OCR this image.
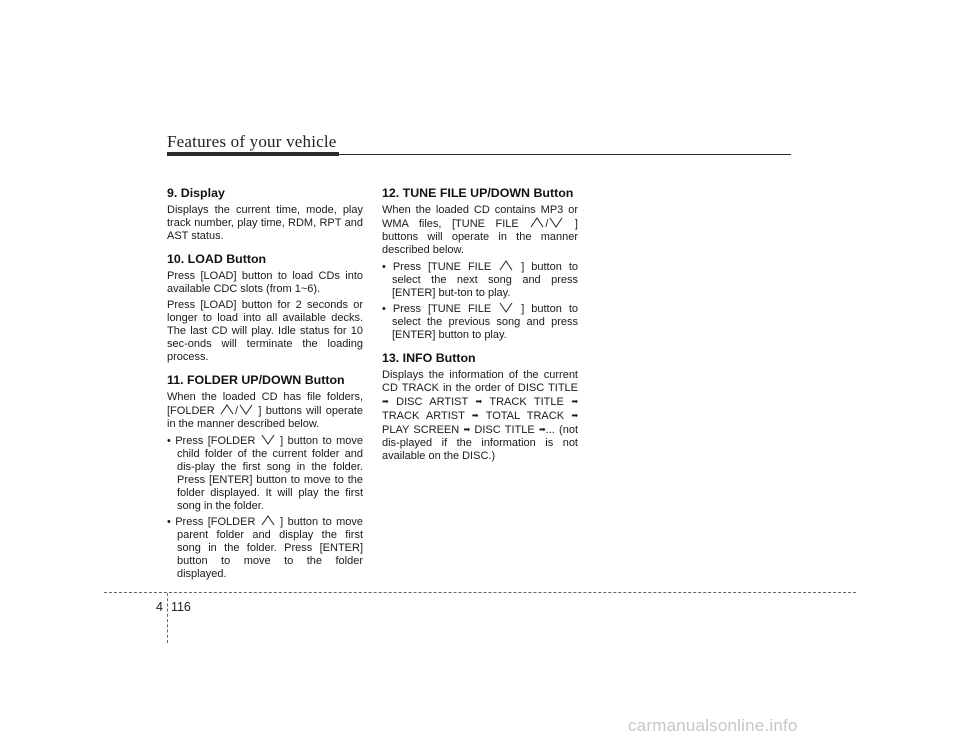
Features of your vehicle
9. Display

Displays the current time, mode, play track number, play time, RDM, RPT and AST status.

10. LOAD Button

Press [LOAD] button to load CDs into available CDC slots (from 1~6).

Press [LOAD] button for 2 seconds or longer to load into all available decks. The last CD will play. Idle status for 10 sec-onds will terminate the loading process.

11. FOLDER UP/DOWN Button

When the loaded CD has file folders, [FOLDER / ] buttons will operate in the manner described below.

• Press [FOLDER ] button to move child folder of the current folder and dis-play the first song in the folder. Press [ENTER] button to move to the folder displayed. It will play the first song in the folder.
• Press [FOLDER ] button to move parent folder and display the first song in the folder. Press [ENTER] button to move to the folder displayed.
12. TUNE FILE UP/DOWN Button

When the loaded CD contains MP3 or WMA files, [TUNE FILE / ] buttons will operate in the manner described below.

• Press [TUNE FILE	] button to select the next song and press [ENTER] but-ton to play.
• Press [TUNE FILE	] button to select the previous song and press [ENTER] button to play.
13. INFO Button

Displays the information of the current CD TRACK in the order of DISC TITLE ➡ DISC ARTIST ➡ TRACK TITLE ➡ TRACK ARTIST ➡ TOTAL TRACK ➡ PLAY SCREEN ➡ DISC TITLE ➡... (not dis-played if the information is not available on the DISC.)

4 116
carmanualsonline.info
